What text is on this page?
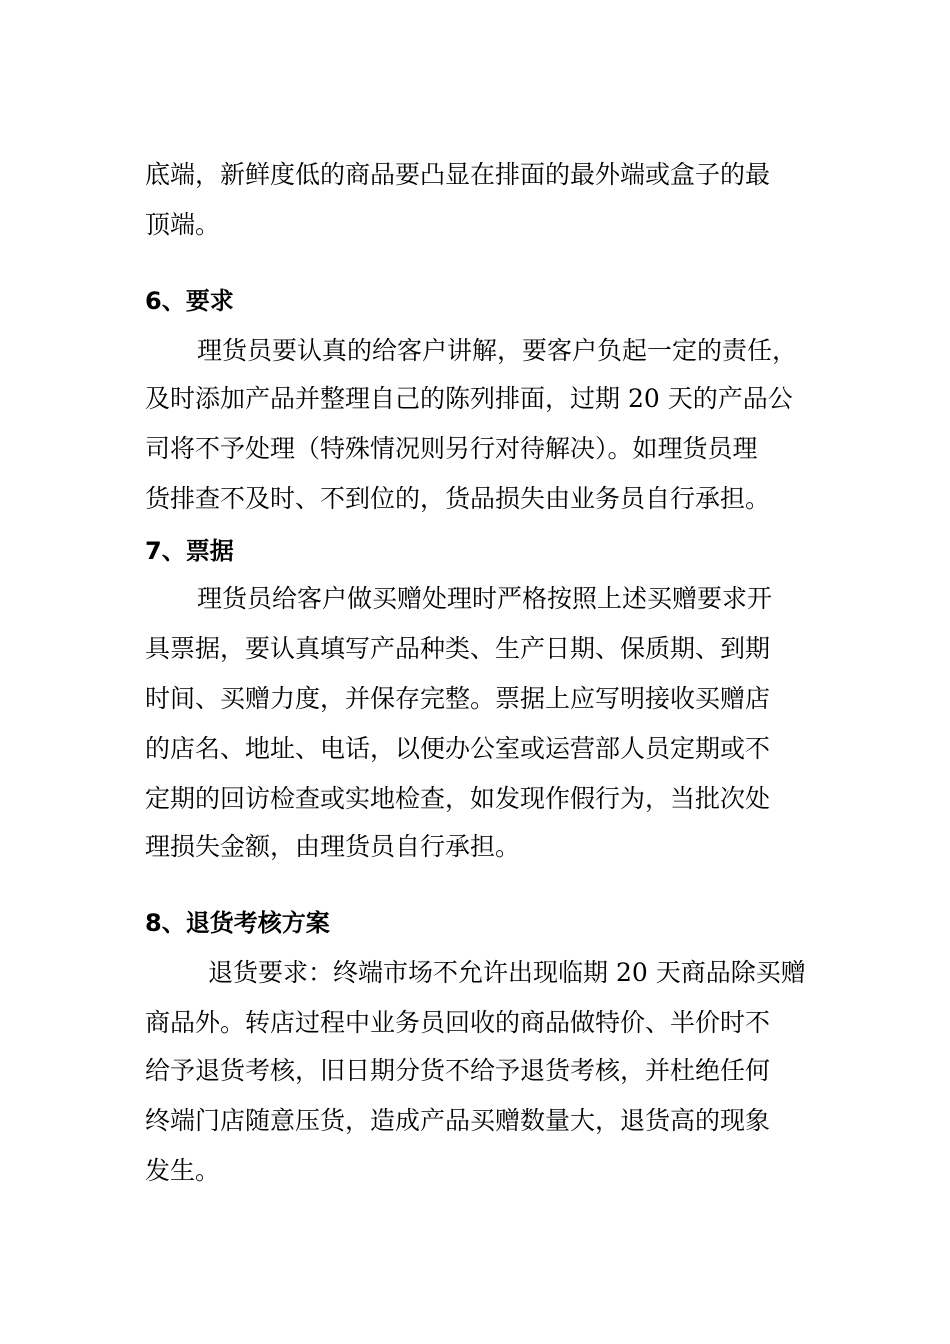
底端，新鲜度低的商品要凸显在排面的最外端或盒子的最
顶端。
6、要求
理货员要认真的给客户讲解，要客户负起一定的责任，
及时添加产品并整理自己的陈列排面，过期 20 天的产品公
司将不予处理（特殊情况则另行对待解决）。如理货员理
货排查不及时、不到位的，货品损失由业务员自行承担。
7、票据
理货员给客户做买赠处理时严格按照上述买赠要求开
具票据，要认真填写产品种类、生产日期、保质期、到期
时间、买赠力度，并保存完整。票据上应写明接收买赠店
的店名、地址、电话，以便办公室或运营部人员定期或不
定期的回访检查或实地检查，如发现作假行为，当批次处
理损失金额，由理货员自行承担。
8、退货考核方案
退货要求：终端市场不允许出现临期 20 天商品除买赠
商品外。转店过程中业务员回收的商品做特价、半价时不
给予退货考核，旧日期分货不给予退货考核，并杜绝任何
终端门店随意压货，造成产品买赠数量大，退货高的现象
发生。
